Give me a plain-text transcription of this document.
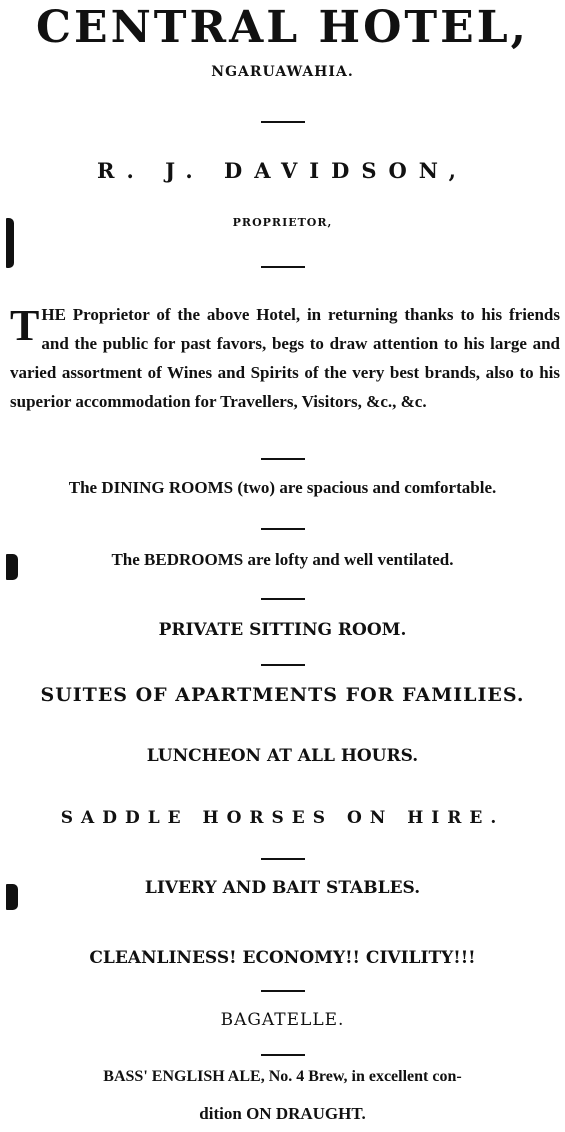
CENTRAL HOTEL,
NGARUAWAHIA.
R. J. DAVIDSON,
PROPRIETOR,
THE Proprietor of the above Hotel, in returning thanks to his friends and the public for past favors, begs to draw attention to his large and varied assortment of Wines and Spirits of the very best brands, also to his superior accommodation for Travellers, Visitors, &c., &c.
The DINING ROOMS (two) are spacious and comfortable.
The BEDROOMS are lofty and well ventilated.
PRIVATE SITTING ROOM.
SUITES OF APARTMENTS FOR FAMILIES.
LUNCHEON AT ALL HOURS.
SADDLE HORSES ON HIRE.
LIVERY AND BAIT STABLES.
CLEANLINESS! ECONOMY!! CIVILITY!!!
BAGATELLE.
BASS' ENGLISH ALE, No. 4 Brew, in excellent con-
dition ON DRAUGHT.
